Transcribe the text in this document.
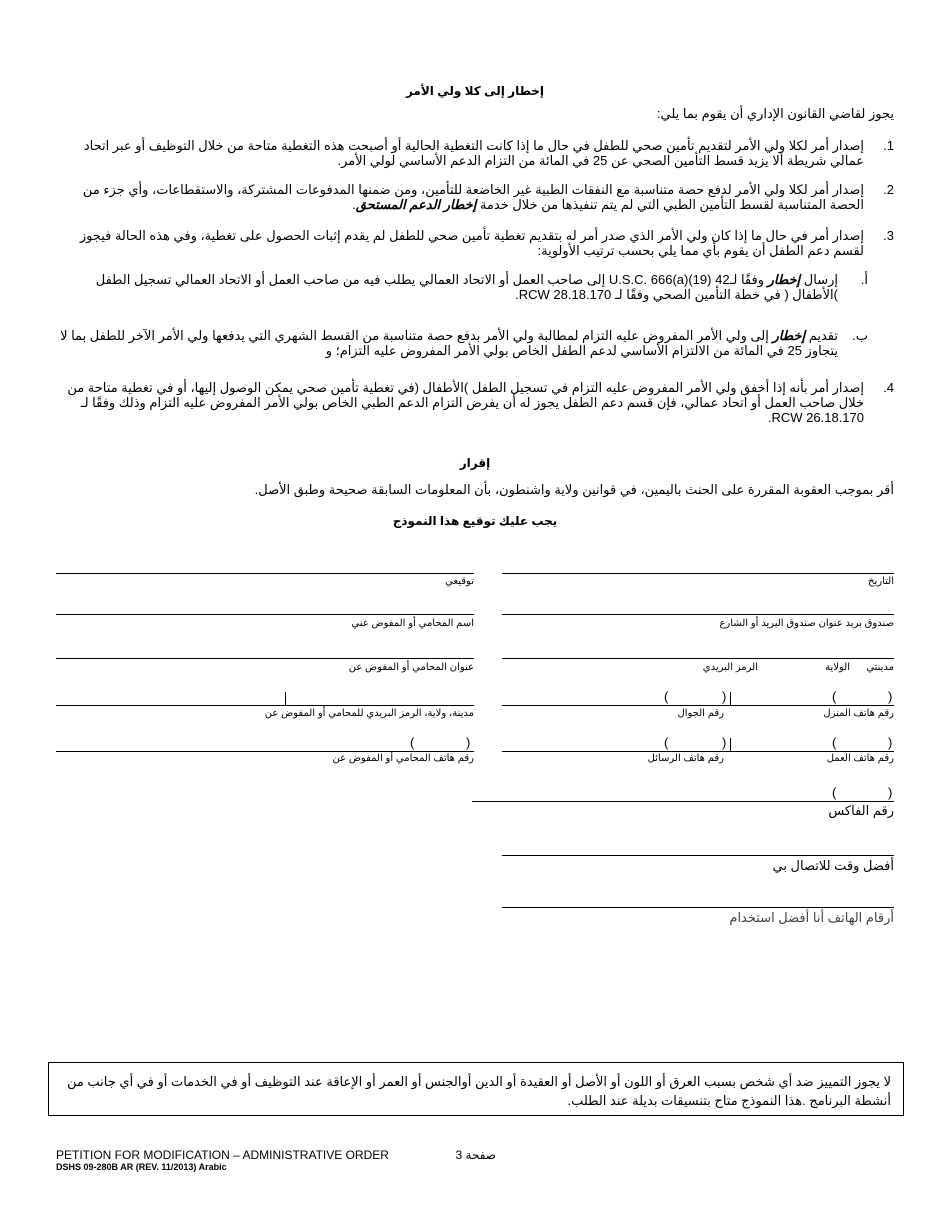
إخطار إلى كلا ولي الأمر
يجوز لقاضي القانون الإداري أن يقوم بما يلي:
1.
إصدار أمر لكلا ولي الأمر لتقديم تأمين صحي للطفل في حال ما إذا كانت التغطية الحالية أو أصبحت هذه التغطية متاحة من خلال التوظيف أو عبر اتحاد عمالي شريطة ألا يزيد قسط التأمين الصحي عن 25 في المائة من التزام الدعم الأساسي لولي الأمر.
2.
إصدار أمر لكلا ولي الأمر لدفع حصة متناسبة مع النفقات الطبية غير الخاضعة للتأمين، ومن ضمنها المدفوعات المشتركة، والاستقطاعات، وأي جزء من الحصة المتناسبة لقسط التأمين الطبي التي لم يتم تنفيذها من خلال خدمة إخطار الدعم المستحق.
3.
إصدار أمر في حال ما إذا كان ولي الأمر الذي صدر أمر له بتقديم تغطية تأمين صحي للطفل لم يقدم إثبات الحصول على تغطية، وفي هذه الحالة فيجوز لقسم دعم الطفل أن يقوم بأي مما يلي بحسب ترتيب الأولوية:
أ.
إرسال إخطار وفقًا لـ42 U.S.C. 666(a)(19) إلى صاحب العمل أو الاتحاد العمالي يطلب فيه من صاحب العمل أو الاتحاد العمالي تسجيل الطفل )الأطفال ( في خطة التأمين الصحي وفقًا لـ RCW 28.18.170.
ب.
تقديم إخطار إلى ولي الأمر المفروض عليه التزام لمطالبة ولي الأمر بدفع حصة متناسبة من القسط الشهري التي يدفعها ولي الأمر الآخر للطفل بما لا يتجاوز 25 في المائة من الالتزام الأساسي لدعم الطفل الخاص بولي الأمر المفروض عليه التزام؛ و
4.
إصدار أمر بأنه إذا أخفق ولي الأمر المفروض عليه التزام في تسجيل الطفل )الأطفال (في تغطية تأمين صحي يمكن الوصول إليها، أو في تغطية متاحة من خلال صاحب العمل أو اتحاد عمالي، فإن قسم دعم الطفل يجوز له أن يفرض التزام الدعم الطبي الخاص بولي الأمر المفروض عليه التزام وذلك وفقًا لـ RCW 26.18.170.
إقرار
أقر بموجب العقوبة المقررة على الحنث باليمين، في قوانين ولاية واشنطون، بأن المعلومات السابقة صحيحة وطبق الأصل.
يجب عليك توقيع هذا النموذج
توقيعي
اسم المحامي أو المفوض عني
عنوان المحامي أو المفوض عن
مدينة، ولاية، الرمز البريدي للمحامي أو المفوض عن
(	)
رقم هاتف المحامي أو المفوض عن
التاريخ
صندوق بريد عنوان صندوق البريد أو الشارع
مدينتي
الولاية
الرمز البريدي
(	)
(	)
رقم هاتف المنزل
رقم الجوال
(	)
(	)
رقم هاتف العمل
رقم هاتف الرسائل
(	)
رقم الفاكس
أفضل وقت للاتصال بي
أرقام الهاتف أنا أفضل استخدام
لا يجوز التمييز ضد أي شخص بسبب العرق أو اللون أو الأصل أو العقيدة أو الدين أوالجنس أو العمر أو الإعاقة عند التوظيف أو في الخدمات أو في أي جانب من أنشطة البرنامج .هذا النموذج متاح بتنسيقات بديلة عند الطلب.
PETITION FOR MODIFICATION – ADMINISTRATIVE ORDER
DSHS 09-280B AR (REV. 11/2013) Arabic
صفحة 3
